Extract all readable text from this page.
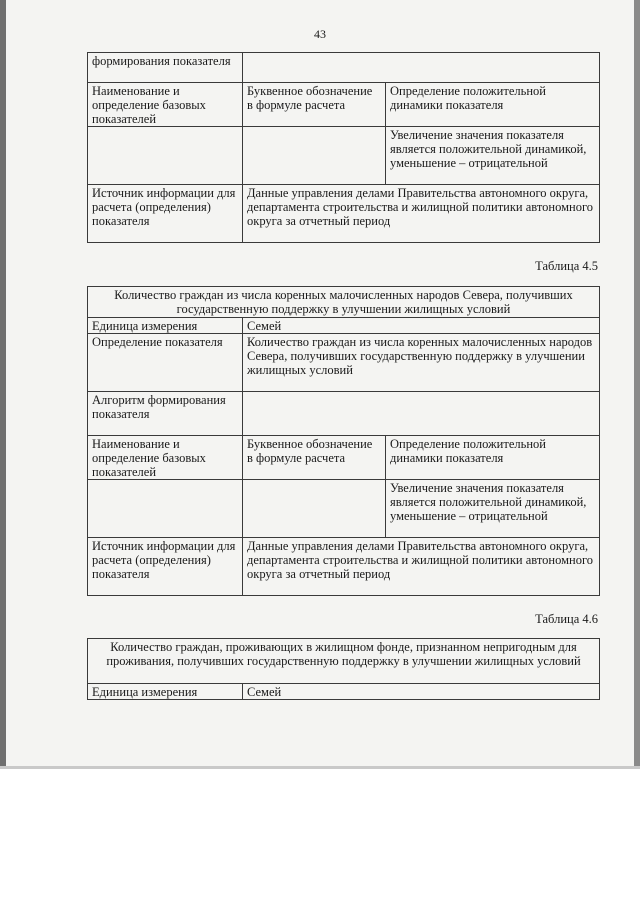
43
формирования показателя		
Наименование и определение базовых показателей	Буквенное обозначение в формуле расчета	Определение положительной динамики показателя
		Увеличение значения показателя является положительной динамикой, уменьшение – отрицательной
Источник информации для расчета (определения) показателя	Данные управления делами Правительства автономного округа, департамента строительства и жилищной политики автономного округа за отчетный период	
Таблица 4.5
Количество граждан из числа коренных малочисленных народов Севера, получивших государственную поддержку в улучшении жилищных условий		
Единица измерения	Семей	
Определение показателя	Количество граждан из числа коренных малочисленных народов Севера, получивших государственную поддержку в улучшении жилищных условий	
Алгоритм формирования показателя		
Наименование и определение базовых показателей	Буквенное обозначение в формуле расчета	Определение положительной динамики показателя
		Увеличение значения показателя является положительной динамикой, уменьшение – отрицательной
Источник информации для расчета (определения) показателя	Данные управления делами Правительства автономного округа, департамента строительства и жилищной политики автономного округа за отчетный период	
Таблица 4.6
Количество граждан, проживающих в жилищном фонде, признанном непригодным для проживания, получивших государственную поддержку в улучшении жилищных условий
Единица измерения	Семей
